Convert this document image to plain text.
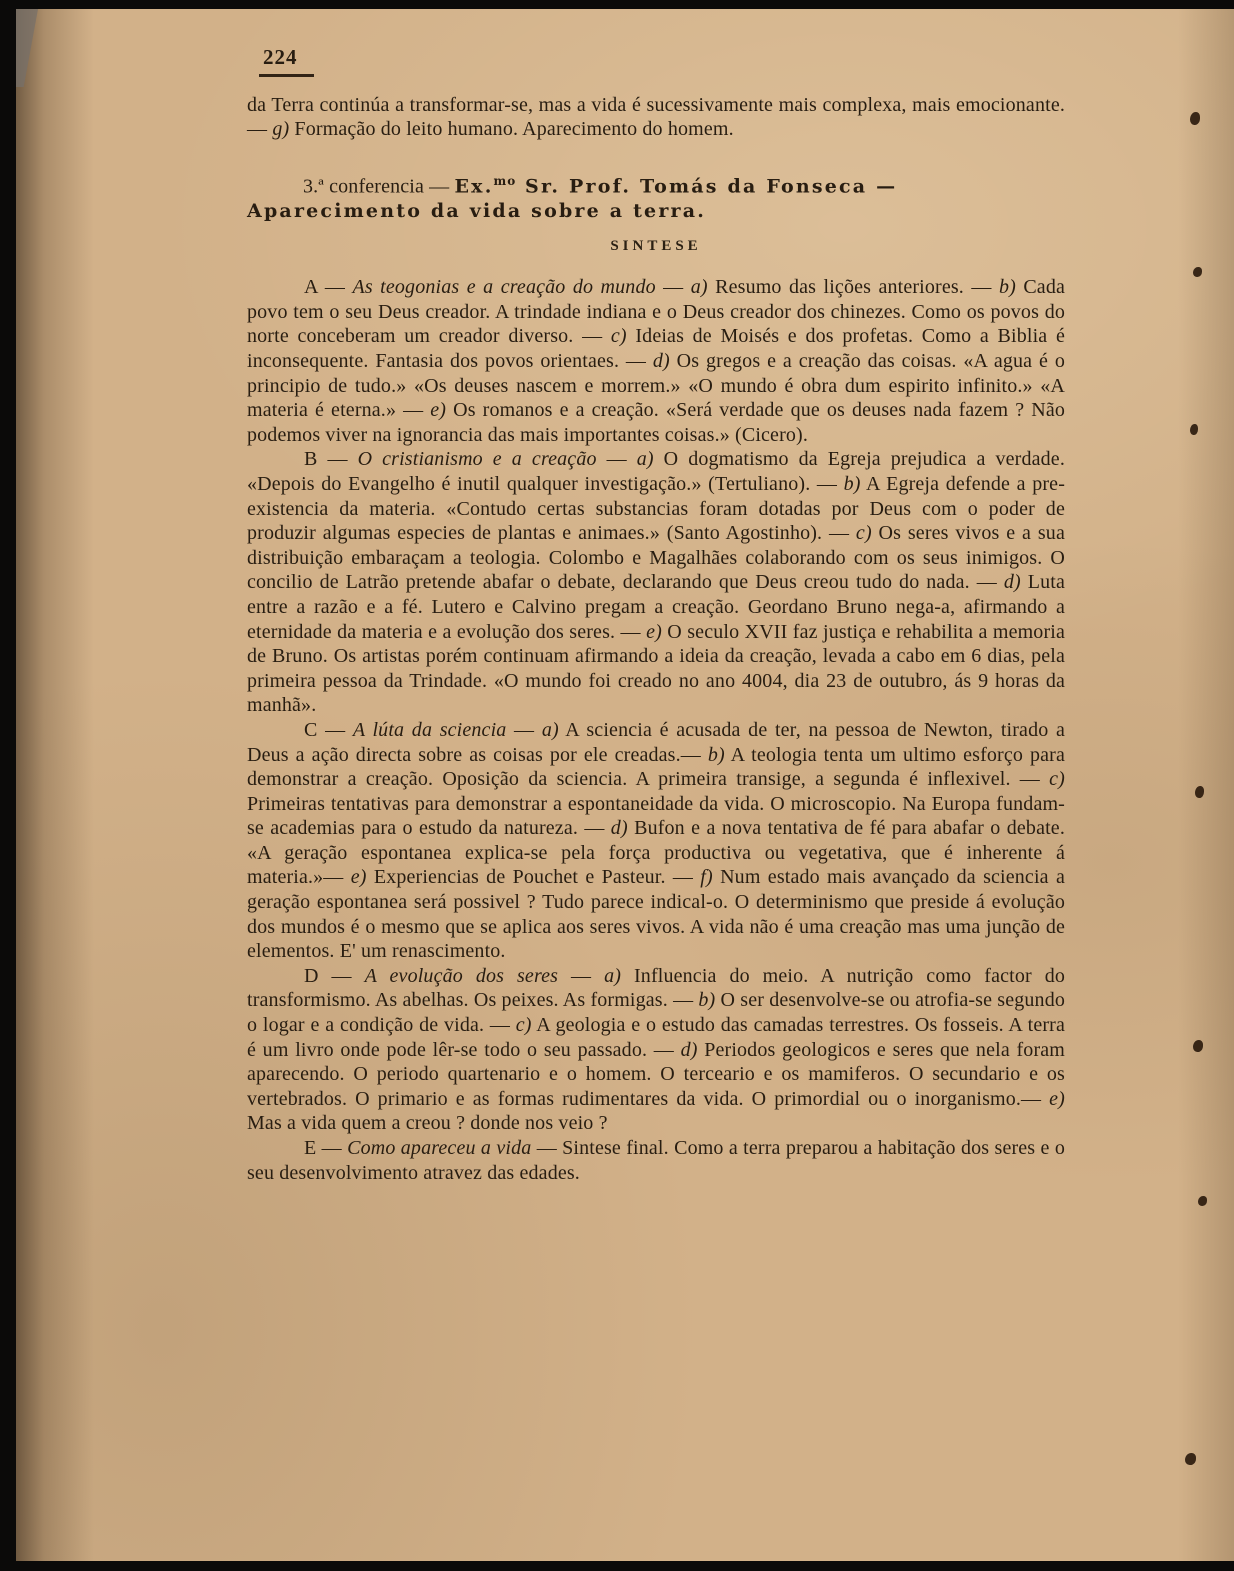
224

da Terra continúa a transformar-se, mas a vida é sucessivamente mais complexa, mais emocionante. — g) Formação do leito humano. Aparecimento do homem.

3.ª conferencia — Ex.$^{mo}$ Sr. Prof. Tomás da Fonseca —
Aparecimento da vida sobre a terra.
SINTESE

A — As teogonias e a creação do mundo — a) Resumo das lições anteriores. — b) Cada povo tem o seu Deus creador. A trindade indiana e o Deus creador dos chinezes. Como os povos do norte conceberam um creador diverso. — c) Ideias de Moisés e dos profetas. Como a Biblia é inconsequente. Fantasia dos povos orientaes. — d) Os gregos e a creação das coisas. «A agua é o principio de tudo.» «Os deuses nascem e morrem.» «O mundo é obra dum espirito infinito.» «A materia é eterna.» — e) Os romanos e a creação. «Será verdade que os deuses nada fazem ? Não podemos viver na ignorancia das mais importantes coisas.» (Cicero).

B — O cristianismo e a creação — a) O dogmatismo da Egreja prejudica a verdade. «Depois do Evangelho é inutil qualquer investigação.» (Tertuliano). — b) A Egreja defende a pre-existencia da materia. «Contudo certas substancias foram dotadas por Deus com o poder de produzir algumas especies de plantas e animaes.» (Santo Agostinho). — c) Os seres vivos e a sua distribuição embaraçam a teologia. Colombo e Magalhães colaborando com os seus inimigos. O concilio de Latrão pretende abafar o debate, declarando que Deus creou tudo do nada. — d) Luta entre a razão e a fé. Lutero e Calvino pregam a creação. Geordano Bruno nega-a, afirmando a eternidade da materia e a evolução dos seres. — e) O seculo XVII faz justiça e rehabilita a memoria de Bruno. Os artistas porém continuam afirmando a ideia da creação, levada a cabo em 6 dias, pela primeira pessoa da Trindade. «O mundo foi creado no ano 4004, dia 23 de outubro, ás 9 horas da manhã».

C — A lúta da sciencia — a) A sciencia é acusada de ter, na pessoa de Newton, tirado a Deus a ação directa sobre as coisas por ele creadas.— b) A teologia tenta um ultimo esforço para demonstrar a creação. Oposição da sciencia. A primeira transige, a segunda é inflexivel. — c) Primeiras tentativas para demonstrar a espontaneidade da vida. O microscopio. Na Europa fundam-se academias para o estudo da natureza. — d) Bufon e a nova tentativa de fé para abafar o debate. «A geração espontanea explica-se pela força productiva ou vegetativa, que é inherente á materia.»— e) Experiencias de Pouchet e Pasteur. — f) Num estado mais avançado da sciencia a geração espontanea será possivel ? Tudo parece indical-o. O determinismo que preside á evolução dos mundos é o mesmo que se aplica aos seres vivos. A vida não é uma creação mas uma junção de elementos. E' um renascimento.

D — A evolução dos seres — a) Influencia do meio. A nutrição como factor do transformismo. As abelhas. Os peixes. As formigas. — b) O ser desenvolve-se ou atrofia-se segundo o logar e a condição de vida. — c) A geologia e o estudo das camadas terrestres. Os fosseis. A terra é um livro onde pode lêr-se todo o seu passado. — d) Periodos geologicos e seres que nela foram aparecendo. O periodo quartenario e o homem. O terceario e os mamiferos. O secundario e os vertebrados. O primario e as formas rudimentares da vida. O primordial ou o inorganismo.— e) Mas a vida quem a creou ? donde nos veio ?

E — Como apareceu a vida — Sintese final. Como a terra preparou a habitação dos seres e o seu desenvolvimento atravez das edades.
